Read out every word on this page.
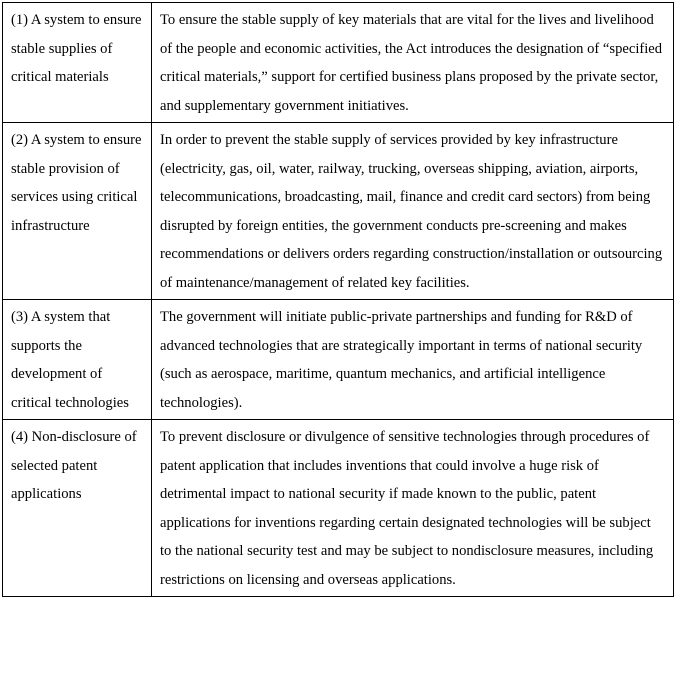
(1) A system to ensure stable supplies of critical materials	To ensure the stable supply of key materials that are vital for the lives and livelihood of the people and economic activities, the Act introduces the designation of “specified critical materials,” support for certified business plans proposed by the private sector, and supplementary government initiatives.
(2) A system to ensure stable provision of services using critical infrastructure	In order to prevent the stable supply of services provided by key infrastructure (electricity, gas, oil, water, railway, trucking, overseas shipping, aviation, airports, telecommunications, broadcasting, mail, finance and credit card sectors) from being disrupted by foreign entities, the government conducts pre-screening and makes recommendations or delivers orders regarding construction/installation or outsourcing of maintenance/management of related key facilities.
(3) A system that supports the development of critical technologies	The government will initiate public-private partnerships and funding for R&D of advanced technologies that are strategically important in terms of national security (such as aerospace, maritime, quantum mechanics, and artificial intelligence technologies).
(4) Non-disclosure of selected patent applications	To prevent disclosure or divulgence of sensitive technologies through procedures of patent application that includes inventions that could involve a huge risk of detrimental impact to national security if made known to the public, patent applications for inventions regarding certain designated technologies will be subject to the national security test and may be subject to nondisclosure measures, including restrictions on licensing and overseas applications.
